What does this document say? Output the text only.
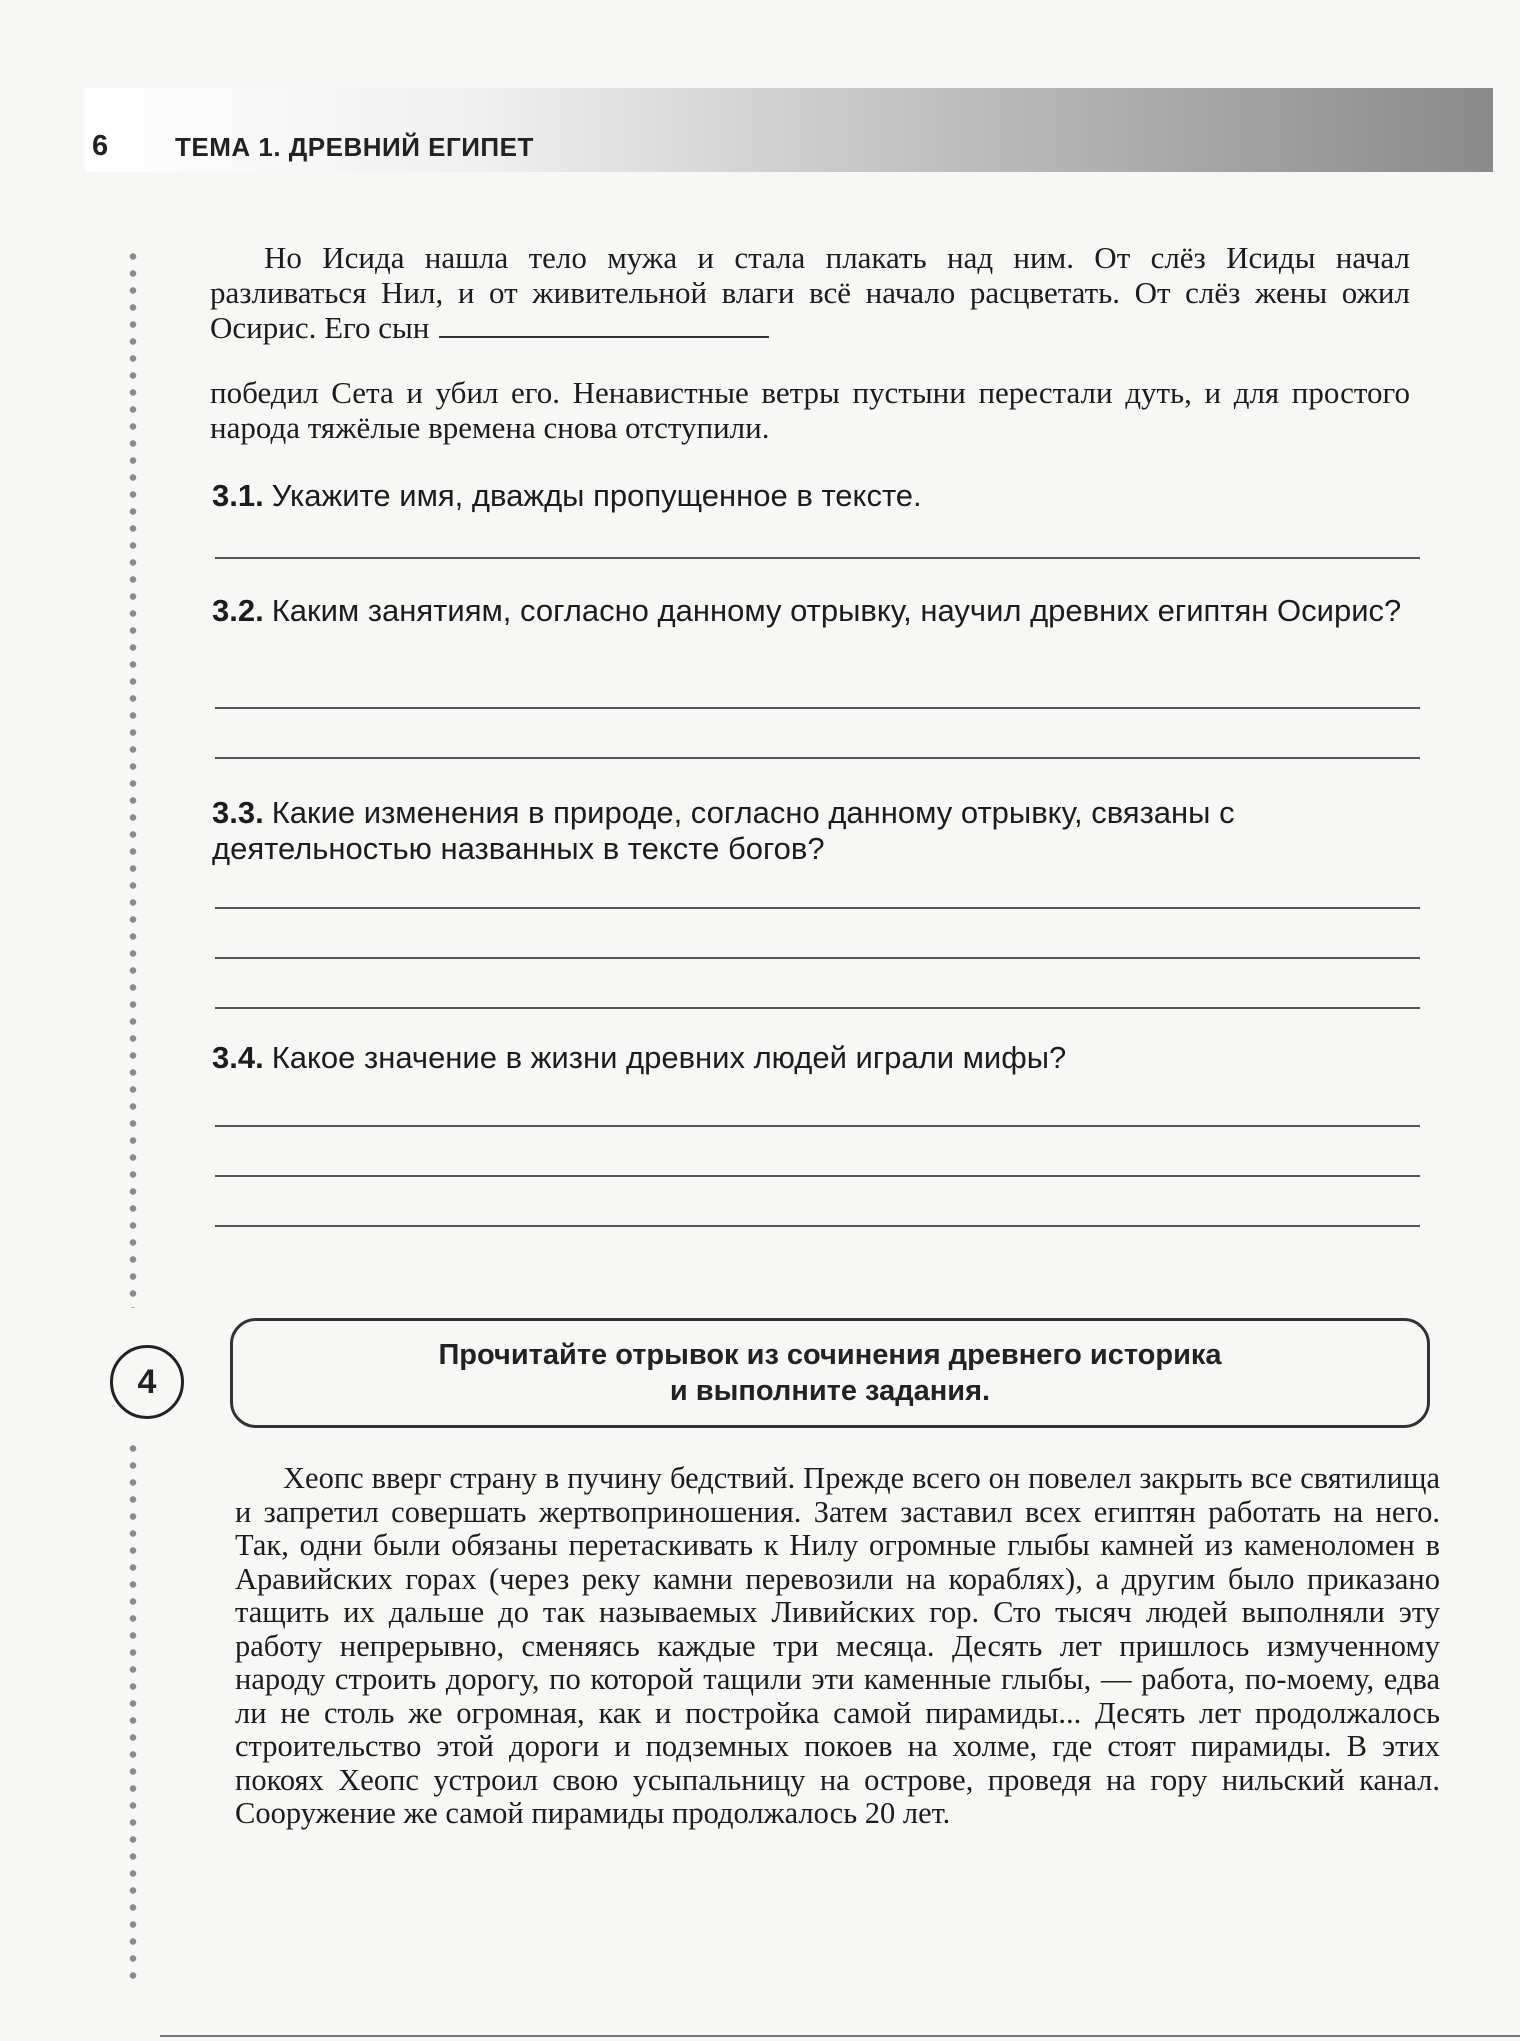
6	ТЕМА 1. ДРЕВНИЙ ЕГИПЕТ

Но Исида нашла тело мужа и стала плакать над ним. От слёз Исиды начал разливаться Нил, и от живительной влаги всё начало расцветать. От слёз жены ожил Осирис. Его сын

победил Сета и убил его. Ненавистные ветры пустыни перестали дуть, и для простого народа тяжёлые времена снова отступили.

3.1. Укажите имя, дважды пропущенное в тексте.

3.2. Каким занятиям, согласно данному отрывку, научил древних египтян Осирис?

3.3. Какие изменения в природе, согласно данному отрывку, связаны с деятельностью названных в тексте богов?

3.4. Какое значение в жизни древних людей играли мифы?

4
Прочитайте отрывок из сочинения древнего историка
и выполните задания.

Хеопс вверг страну в пучину бедствий. Прежде всего он повелел закрыть все святилища и запретил совершать жертвоприношения. Затем заставил всех египтян работать на него. Так, одни были обязаны перетаскивать к Нилу огромные глыбы камней из каменоломен в Аравийских горах (через реку камни перевозили на кораблях), а другим было приказано тащить их дальше до так называемых Ливийских гор. Сто тысяч людей выполняли эту работу непрерывно, сменяясь каждые три месяца. Десять лет пришлось измученному народу строить дорогу, по которой тащили эти каменные глыбы, — работа, по-моему, едва ли не столь же огромная, как и постройка самой пирамиды... Десять лет продолжалось строительство этой дороги и подземных покоев на холме, где стоят пирамиды. В этих покоях Хеопс устроил свою усыпальницу на острове, проведя на гору нильский канал. Сооружение же самой пирамиды продолжалось 20 лет.
